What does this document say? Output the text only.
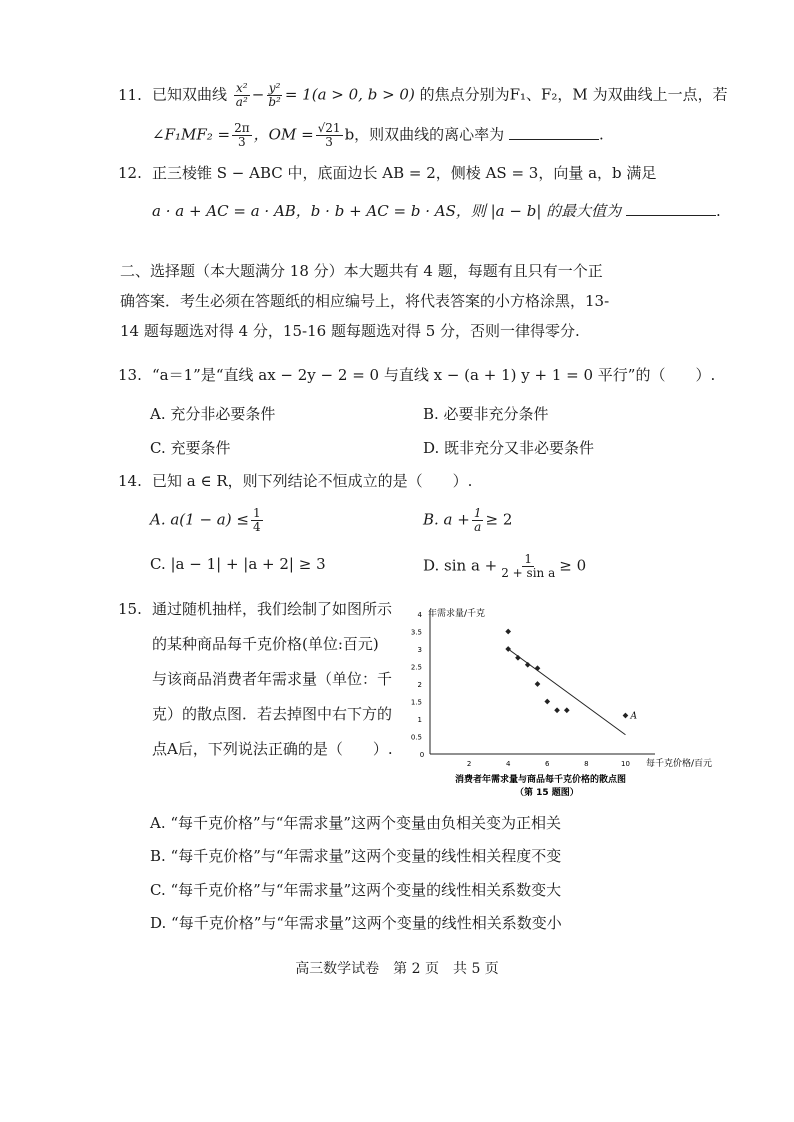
11. 已知双曲线 $\frac{\text{x²}}{\text{a²}} - \frac{\text{y²}}{\text{b²}} = 1(a > 0$, b > 0) 的焦点分别为F₁、F₂，M 为双曲线上一点，若
∠F₁MF₂ = $\frac{2\pi}{3}$ ，OM = $\frac{√21}{3}$ b，则双曲线的离心率为	.
12. 正三棱锥 S − ABC 中，底面边长 AB = 2，侧棱 AS = 3，向量 a，b 满足
a · a + AC = a · AB，b · b + AC = b · AS，则 |a − b| 的最大值为	.
二、选择题（本大题满分 18 分）本大题共有 4 题，每题有且只有一个正确答案．考生必须在答题纸的相应编号上，将代表答案的小方格涂黑，13-14 题每题选对得 4 分，15-16 题每题选对得 5 分，否则一律得零分.
13. “a＝1”是“直线 ax − 2y − 2 = 0 与直线 x − (a + 1) y + 1 = 0 平行”的（　　）.
A. 充分非必要条件	B. 必要非充分条件
C. 充要条件	D. 既非充分又非必要条件
14. 已知 a ∈ R，则下列结论不恒成立的是（　　）.
A. $a(1 - a) \le \frac{1}{4}$	B. $a + \frac{1}{a} \ge 2$
C. |a − 1| + |a + 2| ≥ 3	D. $\sin a + \frac{1}{\text{2 + sin a}} \ge 0$
15. 通过随机抽样，我们绘制了如图所示
的某种商品每千克价格(单位:百元)
与该商品消费者年需求量（单位：千
克）的散点图．若去掉图中右下方的
点A后，下列说法正确的是（　　）.
2	4	6	8	10
0
0.5
1
1.5
2
2.5
3
3.5
4
A
年需求量/千克
每千克价格/百元
消费者年需求量与商品每千克价格的散点图
（第 15 题图）
A. “每千克价格”与“年需求量”这两个变量由负相关变为正相关
B. “每千克价格”与“年需求量”这两个变量的线性相关程度不变
C. “每千克价格”与“年需求量”这两个变量的线性相关系数变大
D. “每千克价格”与“年需求量”这两个变量的线性相关系数变小
高三数学试卷　第 2 页　共 5 页
